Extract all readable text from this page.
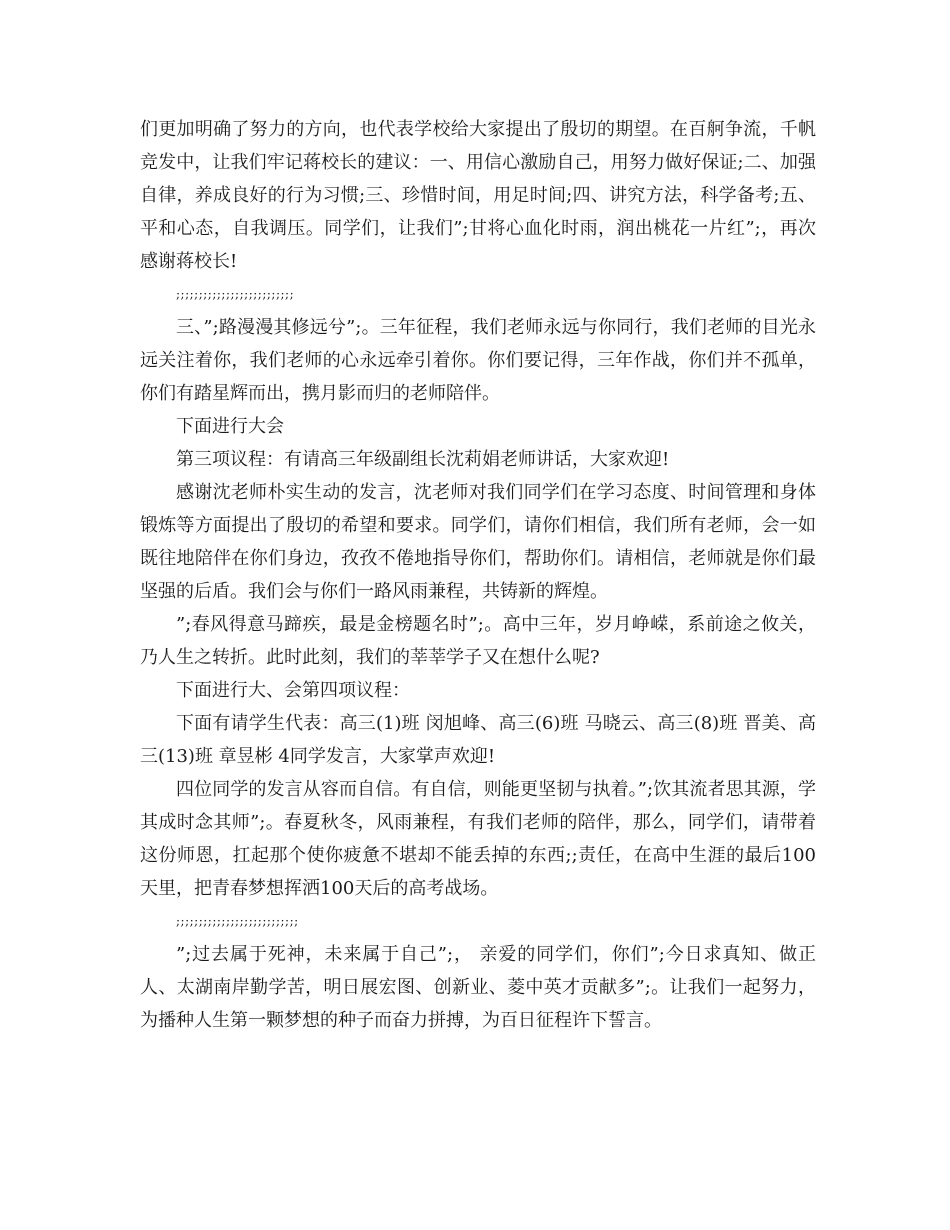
们更加明确了努力的方向，也代表学校给大家提出了殷切的期望。在百舸争流，千帆竞发中，让我们牢记蒋校长的建议：一、用信心激励自己，用努力做好保证;二、加强自律，养成良好的行为习惯;三、珍惜时间，用足时间;四、讲究方法，科学备考;五、平和心态，自我调压。同学们，让我们”;甘将心血化时雨，润出桃花一片红”;，再次感谢蒋校长!

;;;;;;;;;;;;;;;;;;;;;;;;;;

三、”;路漫漫其修远兮”;。三年征程，我们老师永远与你同行，我们老师的目光永远关注着你，我们老师的心永远牵引着你。你们要记得，三年作战，你们并不孤单，你们有踏星辉而出，携月影而归的老师陪伴。

下面进行大会

第三项议程：有请高三年级副组长沈莉娟老师讲话，大家欢迎!

感谢沈老师朴实生动的发言，沈老师对我们同学们在学习态度、时间管理和身体锻炼等方面提出了殷切的希望和要求。同学们，请你们相信，我们所有老师，会一如既往地陪伴在你们身边，孜孜不倦地指导你们，帮助你们。请相信，老师就是你们最坚强的后盾。我们会与你们一路风雨兼程，共铸新的辉煌。

”;春风得意马蹄疾，最是金榜题名时”;。高中三年，岁月峥嵘，系前途之攸关，乃人生之转折。此时此刻，我们的莘莘学子又在想什么呢?

下面进行大、会第四项议程：

下面有请学生代表：高三(1)班 闵旭峰、高三(6)班 马晓云、高三(8)班 晋美、高三(13)班 章昱彬 4同学发言，大家掌声欢迎!

四位同学的发言从容而自信。有自信，则能更坚韧与执着。”;饮其流者思其源，学其成时念其师”;。春夏秋冬，风雨兼程，有我们老师的陪伴，那么，同学们，请带着这份师恩，扛起那个使你疲惫不堪却不能丢掉的东西;;责任，在高中生涯的最后100天里，把青春梦想挥洒100天后的高考战场。

;;;;;;;;;;;;;;;;;;;;;;;;;;;

”;过去属于死神，未来属于自己”;， 亲爱的同学们，你们”;今日求真知、做正人、太湖南岸勤学苦，明日展宏图、创新业、菱中英才贡献多”;。让我们一起努力，为播种人生第一颗梦想的种子而奋力拼搏，为百日征程许下誓言。
